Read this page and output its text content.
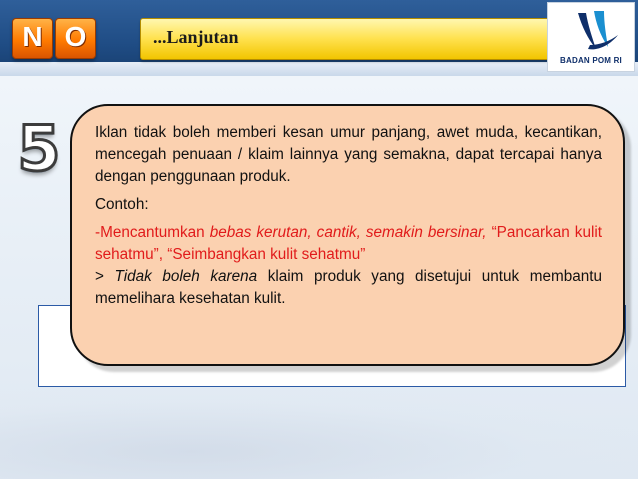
N O	...Lanjutan
BADAN POM RI
5 Iklan tidak boleh memberi kesan umur panjang, awet muda, kecantikan, mencegah penuaan / klaim lainnya yang semakna, dapat tercapai hanya dengan penggunaan produk.

Contoh:

-Mencantumkan bebas kerutan, cantik, semakin bersinar, “Pancarkan kulit sehatmu”, “Seimbangkan kulit sehatmu”

> Tidak boleh karena klaim produk yang disetujui untuk membantu memelihara kesehatan kulit.
